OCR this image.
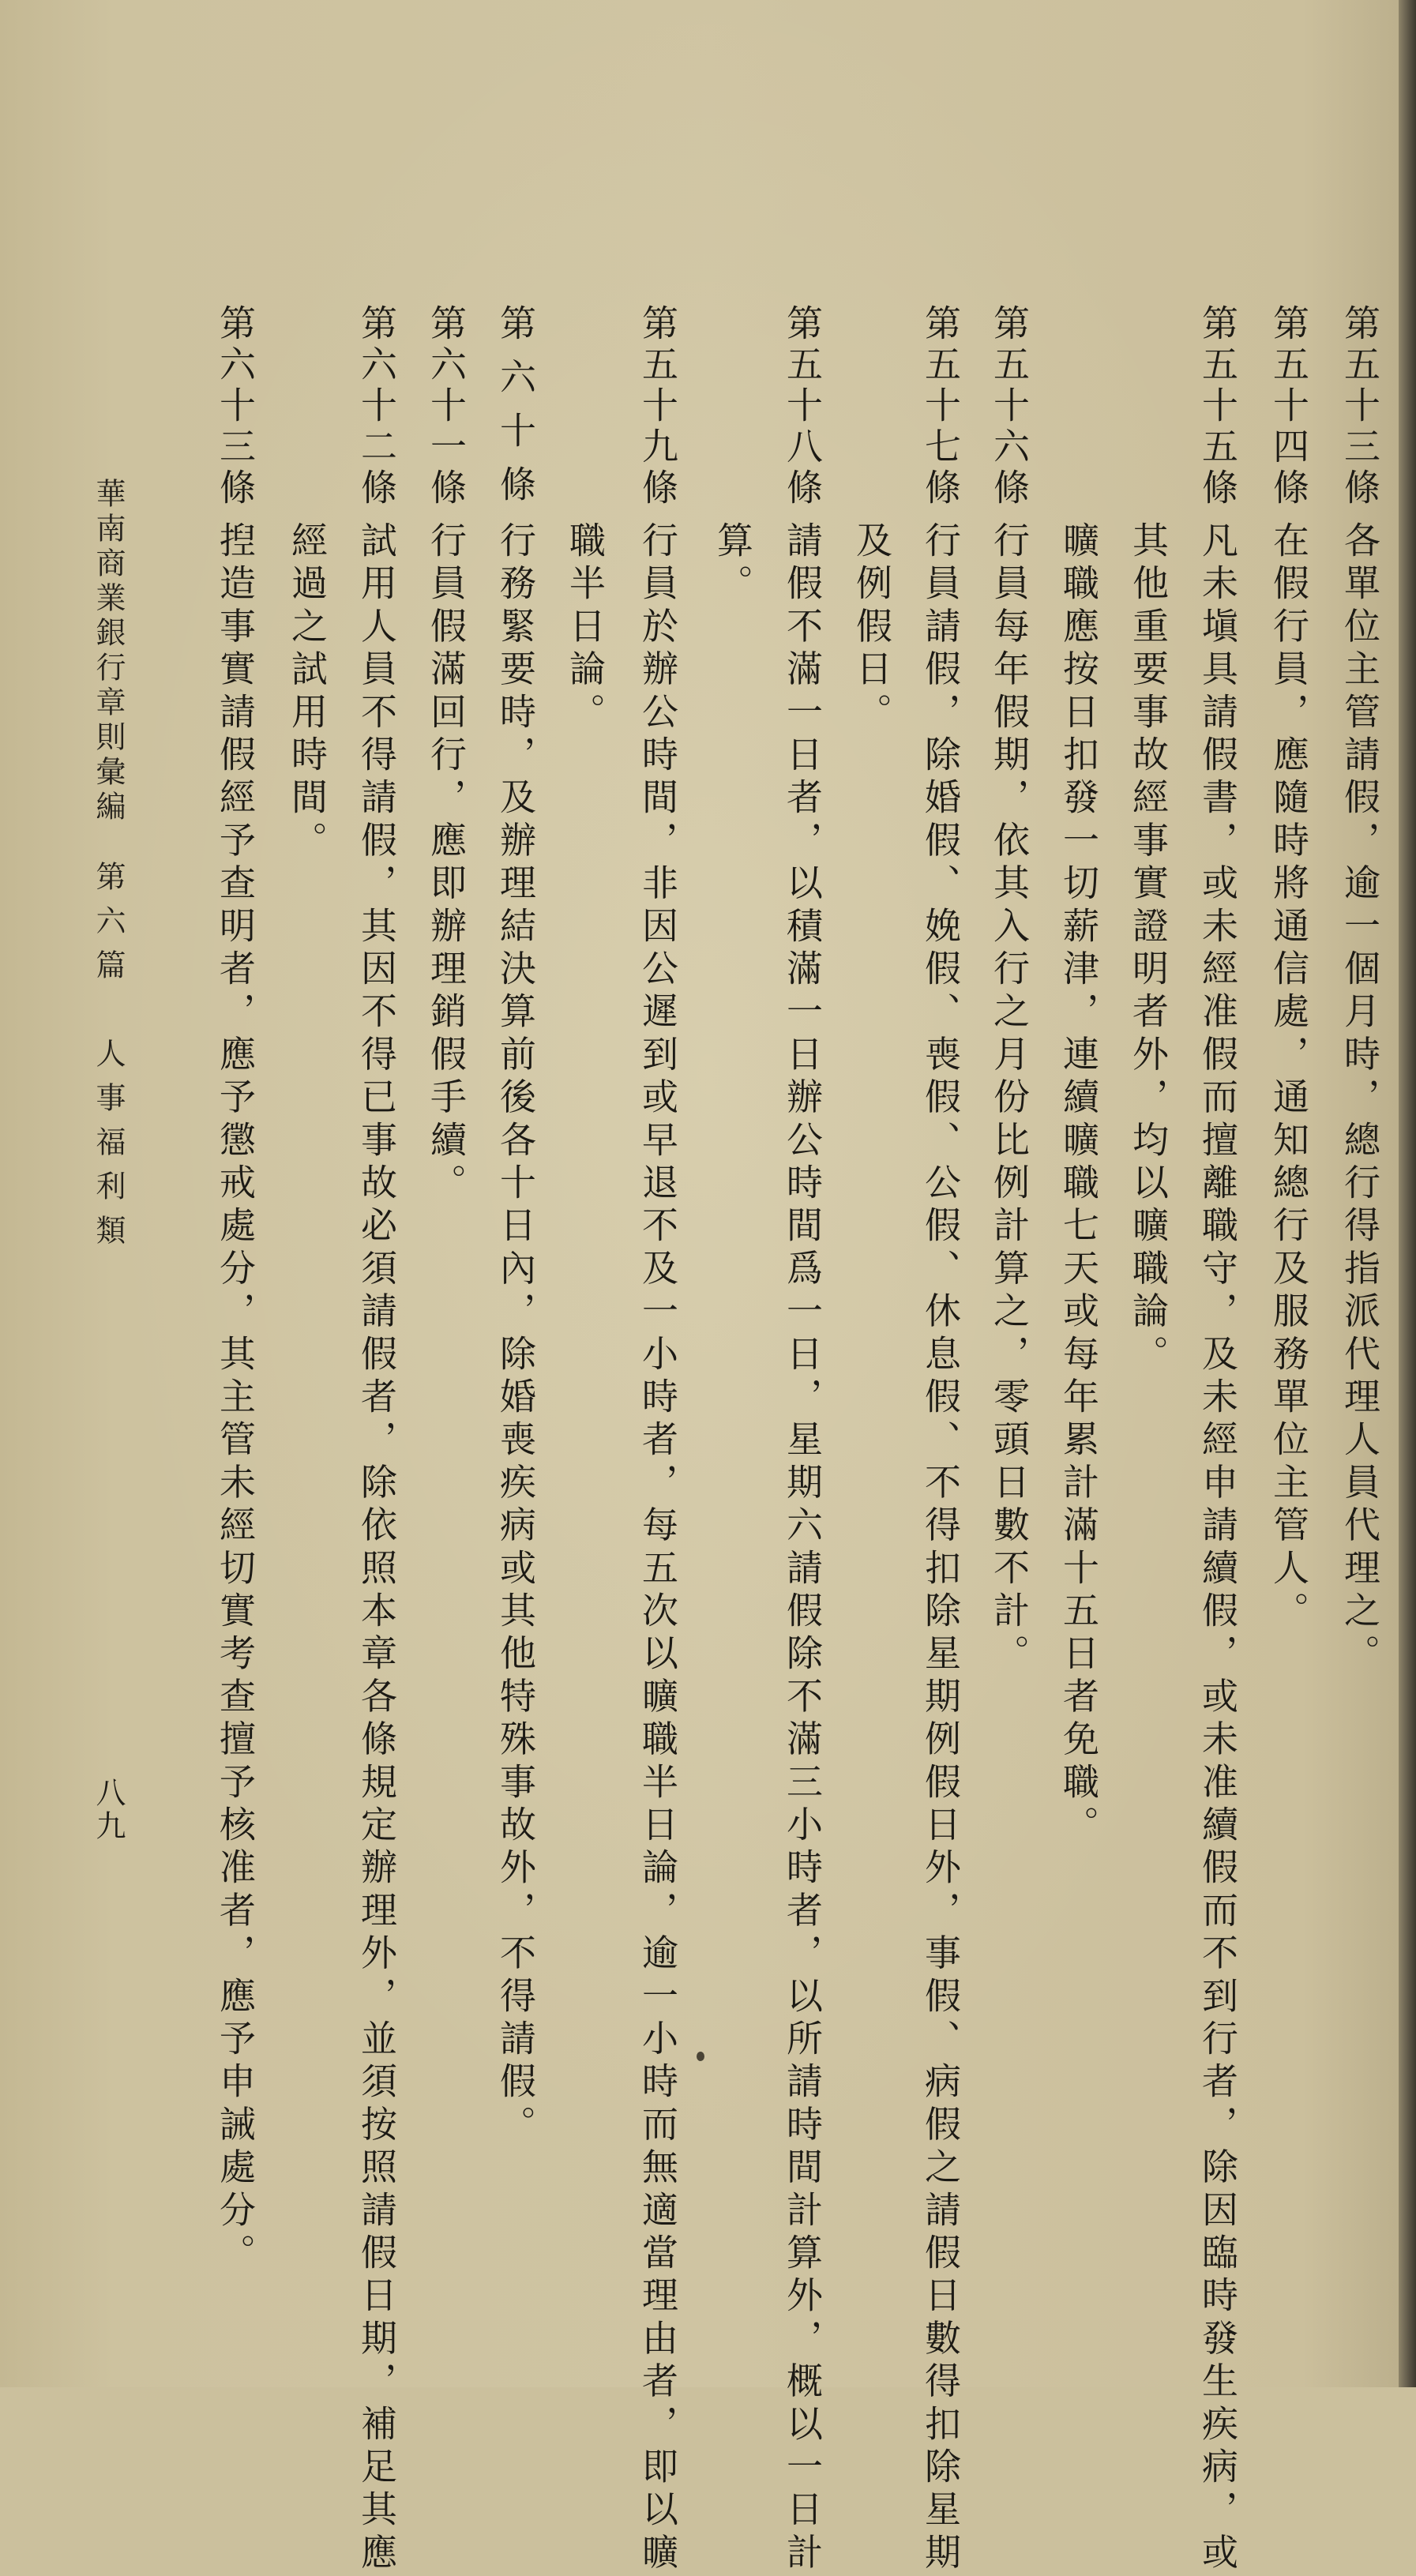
第五十三條
各單位主管請假，逾一個月時，總行得指派代理人員代理之。
第五十四條
在假行員，應隨時將通信處，通知總行及服務單位主管人。
第五十五條
凡未塡具請假書，或未經准假而擅離職守，及未經申請續假，或未准續假而不到行者，除因臨時發生疾病，或
其他重要事故經事實證明者外，均以曠職論。
曠職應按日扣發一切薪津，連續曠職七天或每年累計滿十五日者免職。
第五十六條
行員每年假期，依其入行之月份比例計算之，零頭日數不計。
第五十七條
行員請假，除婚假、娩假、喪假、公假、休息假、不得扣除星期例假日外，事假、病假之請假日數得扣除星期
及例假日。
第五十八條
請假不滿一日者，以積滿一日辦公時間爲一日，星期六請假除不滿三小時者，以所請時間計算外，概以一日計
算。
第五十九條
行員於辦公時間，非因公遲到或早退不及一小時者，每五次以曠職半日論，逾一小時而無適當理由者，即以曠
職半日論。
第六十條
行務緊要時，及辦理結決算前後各十日內，除婚喪疾病或其他特殊事故外，不得請假。
第六十一條
行員假滿回行，應即辦理銷假手續。
第六十二條
試用人員不得請假，其因不得已事故必須請假者，除依照本章各條規定辦理外，並須按照請假日期，補足其應
經過之試用時間。
第六十三條
揑造事實請假經予查明者，應予懲戒處分，其主管未經切實考查擅予核准者，應予申誡處分。
華南商業銀行章則彙編
第六篇　人事福利類
八九
